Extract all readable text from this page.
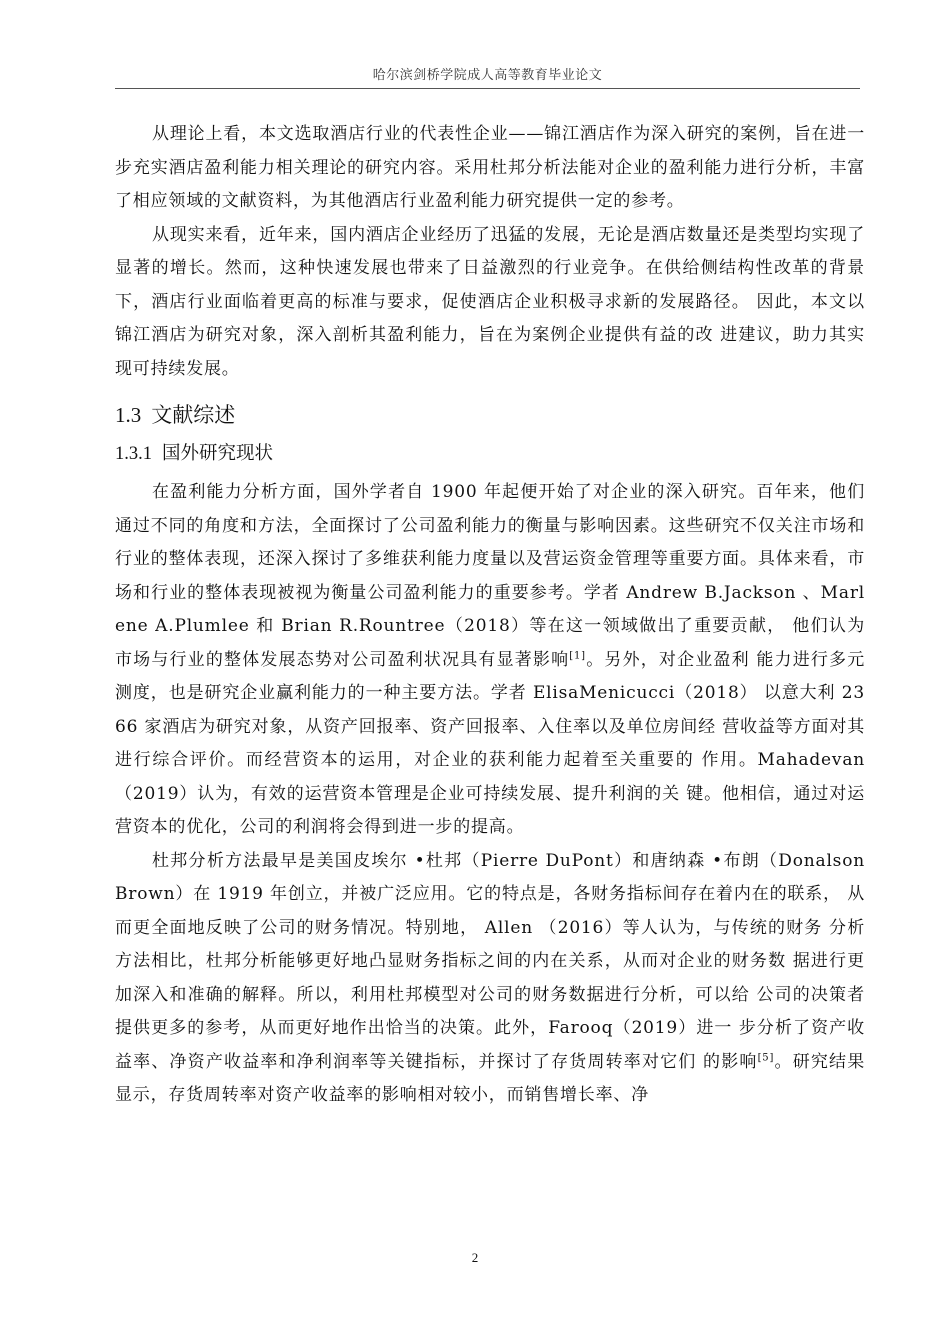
哈尔滨剑桥学院成人高等教育毕业论文

从理论上看，本文选取酒店行业的代表性企业——锦江酒店作为深入研究的案例，旨在进一步充实酒店盈利能力相关理论的研究内容。采用杜邦分析法能对企业的盈利能力进行分析，丰富了相应领域的文献资料，为其他酒店行业盈利能力研究提供一定的参考。

从现实来看，近年来，国内酒店企业经历了迅猛的发展，无论是酒店数量还是类型均实现了显著的增长。然而，这种快速发展也带来了日益激烈的行业竞争。在供给侧结构性改革的背景下，酒店行业面临着更高的标准与要求，促使酒店企业积极寻求新的发展路径。 因此，本文以锦江酒店为研究对象，深入剖析其盈利能力，旨在为案例企业提供有益的改 进建议，助力其实现可持续发展。

1.3 文献综述
1.3.1 国外研究现状

在盈利能力分析方面，国外学者自 1900 年起便开始了对企业的深入研究。百年来，他们通过不同的角度和方法，全面探讨了公司盈利能力的衡量与影响因素。这些研究不仅关注市场和行业的整体表现，还深入探讨了多维获利能力度量以及营运资金管理等重要方面。具体来看，市场和行业的整体表现被视为衡量公司盈利能力的重要参考。学者 Andrew B.Jackson 、Marlene A.Plumlee 和 Brian R.Rountree（2018）等在这一领域做出了重要贡献， 他们认为市场与行业的整体发展态势对公司盈利状况具有显著影响[1]。另外，对企业盈利 能力进行多元测度，也是研究企业赢利能力的一种主要方法。学者 ElisaMenicucci（2018） 以意大利 2366 家酒店为研究对象，从资产回报率、资产回报率、入住率以及单位房间经 营收益等方面对其进行综合评价。而经营资本的运用，对企业的获利能力起着至关重要的 作用。Mahadevan （2019）认为，有效的运营资本管理是企业可持续发展、提升利润的关 键。他相信，通过对运营资本的优化，公司的利润将会得到进一步的提高。

杜邦分析方法最早是美国皮埃尔 •杜邦（Pierre DuPont）和唐纳森 •布朗（Donalson Brown）在 1919 年创立，并被广泛应用。它的特点是，各财务指标间存在着内在的联系， 从而更全面地反映了公司的财务情况。特别地， Allen （2016）等人认为，与传统的财务 分析方法相比，杜邦分析能够更好地凸显财务指标之间的内在关系，从而对企业的财务数 据进行更加深入和准确的解释。所以，利用杜邦模型对公司的财务数据进行分析，可以给 公司的决策者提供更多的参考，从而更好地作出恰当的决策。此外，Farooq（2019）进一 步分析了资产收益率、净资产收益率和净利润率等关键指标，并探讨了存货周转率对它们 的影响[5]。研究结果显示，存货周转率对资产收益率的影响相对较小，而销售增长率、净

2
